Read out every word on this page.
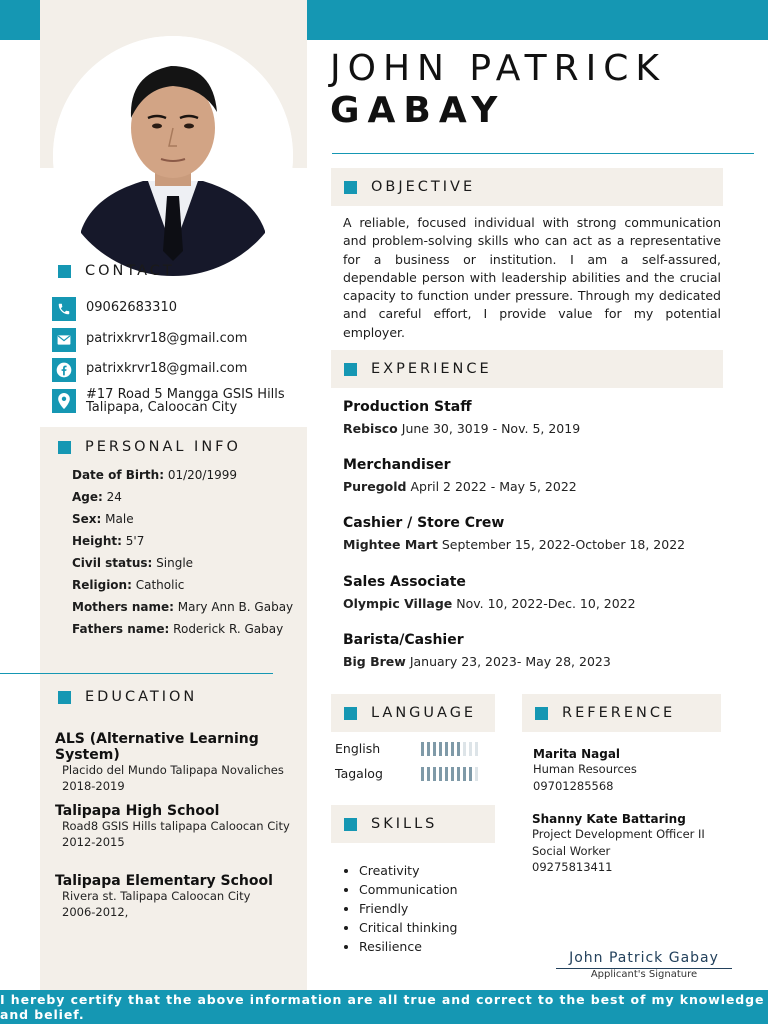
CONTACT
09062683310
patrixkrvr18@gmail.com
patrixkrvr18@gmail.com
#17 Road 5 Mangga GSIS Hills
Talipapa, Caloocan City
PERSONAL INFO
Date of Birth: 01/20/1999
Age: 24
Sex: Male
Height: 5'7
Civil status: Single
Religion: Catholic
Mothers name: Mary Ann B. Gabay
Fathers name: Roderick R. Gabay
EDUCATION
ALS (Alternative Learning System)
Placido del Mundo Talipapa Novaliches
2018-2019
Talipapa High School
Road8 GSIS Hills talipapa Caloocan City
2012-2015
Talipapa Elementary School
Rivera st. Talipapa Caloocan City
2006-2012,
JOHN PATRICK
GABAY
OBJECTIVE
A reliable, focused individual with strong communication and problem-solving skills who can act as a representative for a business or institution. I am a self-assured, dependable person with leadership abilities and the crucial capacity to function under pressure. Through my dedicated and careful effort, I provide value for my potential employer.
EXPERIENCE
Production Staff
Rebisco June 30, 3019 - Nov. 5, 2019
Merchandiser
Puregold April 2 2022 - May 5, 2022
Cashier / Store Crew
Mightee Mart September 15, 2022-October 18, 2022
Sales Associate
Olympic Village Nov. 10, 2022-Dec. 10, 2022
Barista/Cashier
Big Brew January 23, 2023- May 28, 2023
LANGUAGE
English
Tagalog
SKILLS
• Creativity
• Communication
• Friendly
• Critical thinking
• Resilience
REFERENCE
Marita Nagal
Human Resources
09701285568
Shanny Kate Battaring
Project Development Officer II
Social Worker
09275813411
John Patrick Gabay
Applicant's Signature
I hereby certify that the above information are all true and correct to the best of my knowledge and belief.
